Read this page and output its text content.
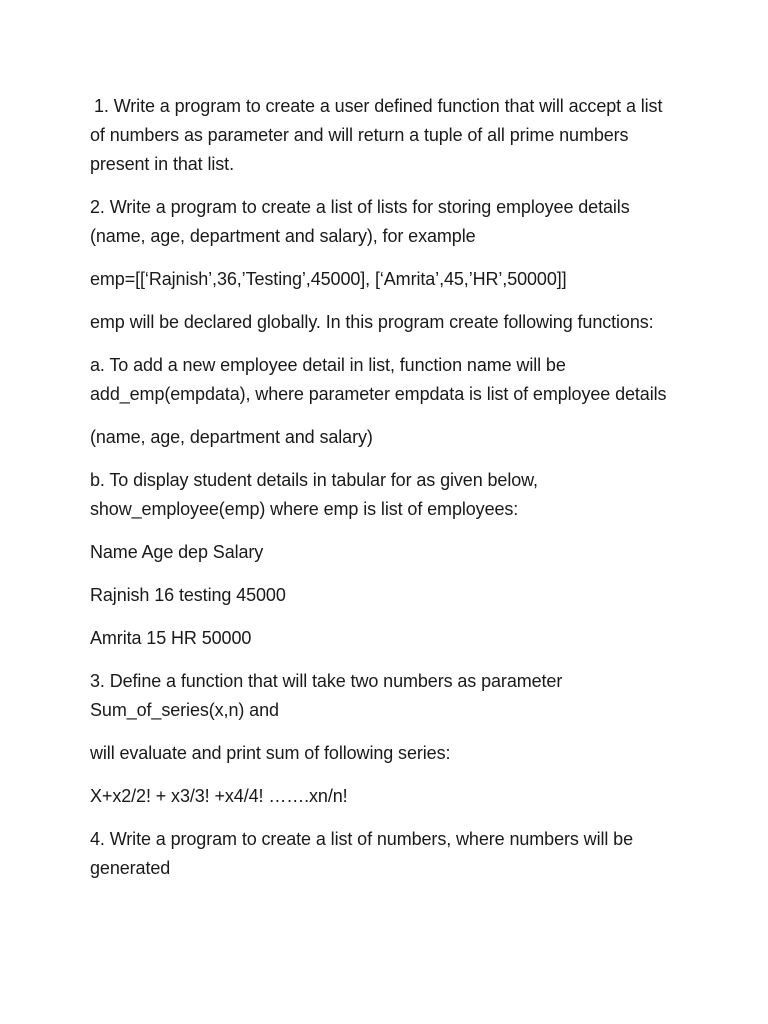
1. Write a program to create a user defined function that will accept a list of numbers as parameter and will return a tuple of all prime numbers present in that list.

2. Write a program to create a list of lists for storing employee details (name, age, department and salary), for example

emp=[[‘Rajnish’,36,’Testing’,45000], [‘Amrita’,45,’HR’,50000]]

emp will be declared globally. In this program create following functions:

a. To add a new employee detail in list, function name will be add_emp(empdata), where parameter empdata is list of employee details

(name, age, department and salary)

b. To display student details in tabular for as given below, show_employee(emp) where emp is list of employees:

Name Age dep Salary

Rajnish 16 testing 45000

Amrita 15 HR 50000

3. Define a function that will take two numbers as parameter Sum_of_series(x,n) and

will evaluate and print sum of following series:

X+x2/2! + x3/3! +x4/4! …….xn/n!

4. Write a program to create a list of numbers, where numbers will be generated
